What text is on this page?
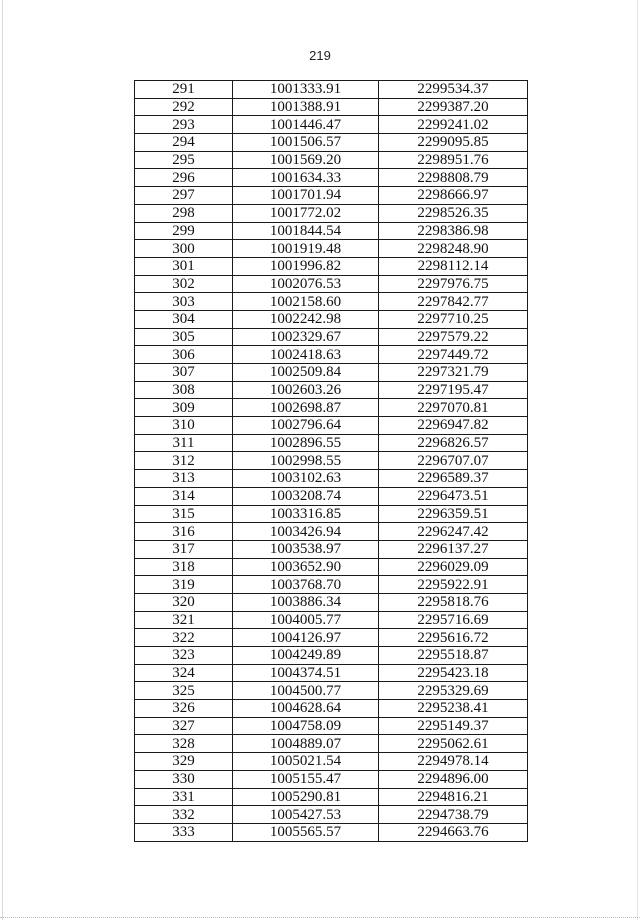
219
291	1001333.91	2299534.37
292	1001388.91	2299387.20
293	1001446.47	2299241.02
294	1001506.57	2299095.85
295	1001569.20	2298951.76
296	1001634.33	2298808.79
297	1001701.94	2298666.97
298	1001772.02	2298526.35
299	1001844.54	2298386.98
300	1001919.48	2298248.90
301	1001996.82	2298112.14
302	1002076.53	2297976.75
303	1002158.60	2297842.77
304	1002242.98	2297710.25
305	1002329.67	2297579.22
306	1002418.63	2297449.72
307	1002509.84	2297321.79
308	1002603.26	2297195.47
309	1002698.87	2297070.81
310	1002796.64	2296947.82
311	1002896.55	2296826.57
312	1002998.55	2296707.07
313	1003102.63	2296589.37
314	1003208.74	2296473.51
315	1003316.85	2296359.51
316	1003426.94	2296247.42
317	1003538.97	2296137.27
318	1003652.90	2296029.09
319	1003768.70	2295922.91
320	1003886.34	2295818.76
321	1004005.77	2295716.69
322	1004126.97	2295616.72
323	1004249.89	2295518.87
324	1004374.51	2295423.18
325	1004500.77	2295329.69
326	1004628.64	2295238.41
327	1004758.09	2295149.37
328	1004889.07	2295062.61
329	1005021.54	2294978.14
330	1005155.47	2294896.00
331	1005290.81	2294816.21
332	1005427.53	2294738.79
333	1005565.57	2294663.76
